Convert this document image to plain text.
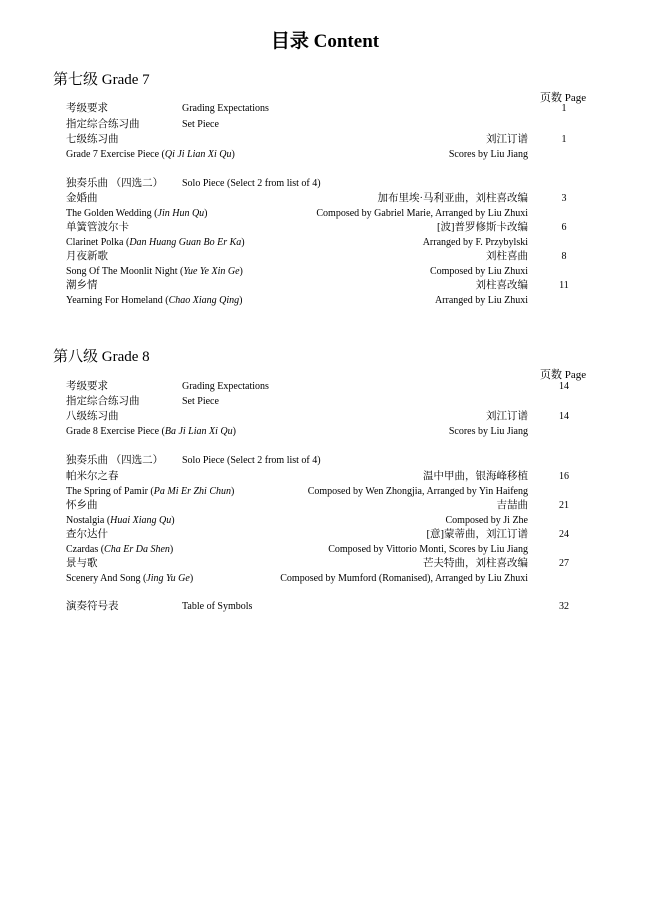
目录 Content
第七级 Grade 7
页数 Page
考级要求	Grading Expectations	1
指定综合练习曲	Set Piece
七级练习曲	刘江订谱	1
Grade 7 Exercise Piece (Qi Ji Lian Xi Qu)	Scores by Liu Jiang
独奏乐曲 （四选二） Solo Piece (Select 2 from list of 4)
金婚曲	加布里埃·马利亚曲，刘柱喜改编	3
The Golden Wedding (Jin Hun Qu)	Composed by Gabriel Marie, Arranged by Liu Zhuxi
单簧管波尔卡	[波]普罗修斯卡改编	6
Clarinet Polka (Dan Huang Guan Bo Er Ka)	Arranged by F. Przybylski
月夜新歌	刘柱喜曲	8
Song Of The Moonlit Night (Yue Ye Xin Ge)	Composed by Liu Zhuxi
潮乡情	刘柱喜改编	11
Yearning For Homeland (Chao Xiang Qing)	Arranged by Liu Zhuxi
第八级 Grade 8
页数 Page
考级要求	Grading Expectations	14
指定综合练习曲	Set Piece
八级练习曲	刘江订谱	14
Grade 8 Exercise Piece (Ba Ji Lian Xi Qu)	Scores by Liu Jiang
独奏乐曲 （四选二） Solo Piece (Select 2 from list of 4)
帕米尔之春	温中甲曲，银海峰移植	16
The Spring of Pamir (Pa Mi Er Zhi Chun)	Composed by Wen Zhongjia, Arranged by Yin Haifeng
怀乡曲	吉喆曲	21
Nostalgia (Huai Xiang Qu)	Composed by Ji Zhe
查尔达什	[意]蒙蒂曲，刘江订谱	24
Czardas (Cha Er Da Shen)	Composed by Vittorio Monti, Scores by Liu Jiang
景与歌	芒夫特曲，刘柱喜改编	27
Scenery And Song (Jing Yu Ge)	Composed by Mumford (Romanised), Arranged by Liu Zhuxi
演奏符号表	Table of Symbols	32
